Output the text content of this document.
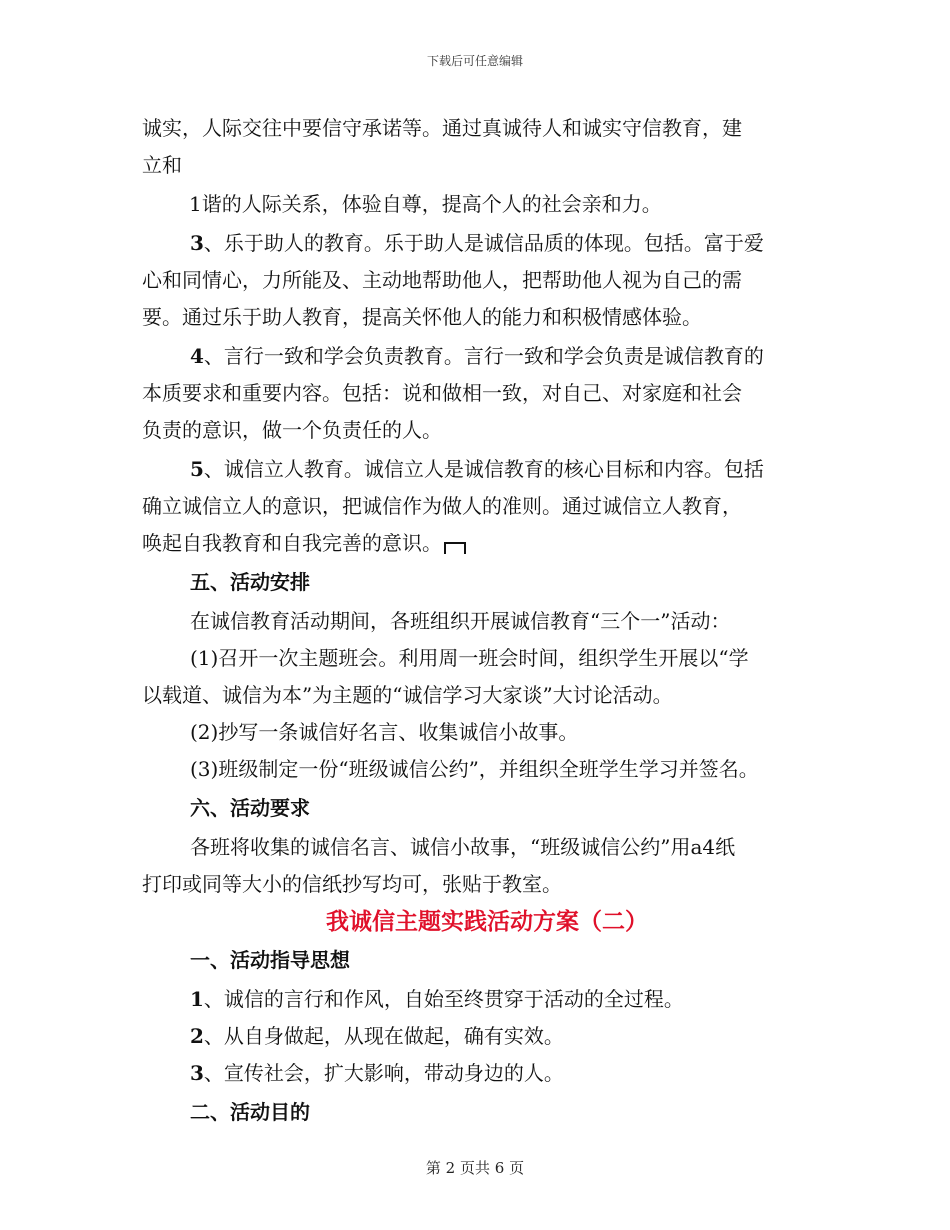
下载后可任意编辑

诚实，人际交往中要信守承诺等。通过真诚待人和诚实守信教育，建
立和

1谐的人际关系，体验自尊，提高个人的社会亲和力。

3、乐于助人的教育。乐于助人是诚信品质的体现。包括。富于爱
心和同情心，力所能及、主动地帮助他人，把帮助他人视为自己的需
要。通过乐于助人教育，提高关怀他人的能力和积极情感体验。

4、言行一致和学会负责教育。言行一致和学会负责是诚信教育的
本质要求和重要内容。包括：说和做相一致，对自己、对家庭和社会
负责的意识，做一个负责任的人。

5、诚信立人教育。诚信立人是诚信教育的核心目标和内容。包括
确立诚信立人的意识，把诚信作为做人的准则。通过诚信立人教育，
唤起自我教育和自我完善的意识。

五、活动安排

在诚信教育活动期间，各班组织开展诚信教育“三个一”活动：
(1)召开一次主题班会。利用周一班会时间，组织学生开展以“学
以载道、诚信为本”为主题的“诚信学习大家谈”大讨论活动。
(2)抄写一条诚信好名言、收集诚信小故事。
(3)班级制定一份“班级诚信公约”，并组织全班学生学习并签名。

六、活动要求

各班将收集的诚信名言、诚信小故事，“班级诚信公约”用a4纸
打印或同等大小的信纸抄写均可，张贴于教室。

我诚信主题实践活动方案（二）

一、活动指导思想

1、诚信的言行和作风，自始至终贯穿于活动的全过程。
2、从自身做起，从现在做起，确有实效。
3、宣传社会，扩大影响，带动身边的人。

二、活动目的

第 2 页共 6 页
